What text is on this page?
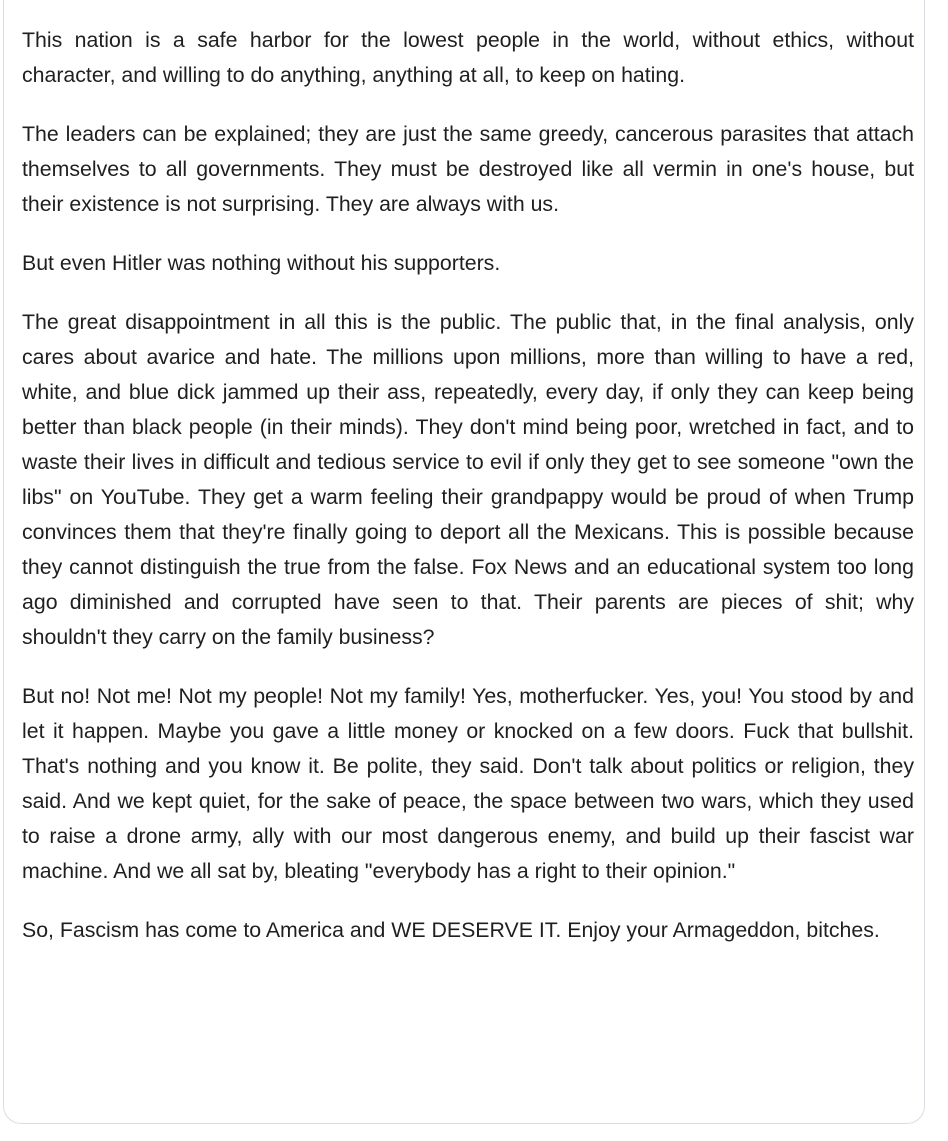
This nation is a safe harbor for the lowest people in the world, without ethics, without character, and willing to do anything, anything at all, to keep on hating.

The leaders can be explained; they are just the same greedy, cancerous parasites that attach themselves to all governments. They must be destroyed like all vermin in one's house, but their existence is not surprising. They are always with us.

But even Hitler was nothing without his supporters.

The great disappointment in all this is the public. The public that, in the final analysis, only cares about avarice and hate. The millions upon millions, more than willing to have a red, white, and blue dick jammed up their ass, repeatedly, every day, if only they can keep being better than black people (in their minds). They don't mind being poor, wretched in fact, and to waste their lives in difficult and tedious service to evil if only they get to see someone "own the libs" on YouTube. They get a warm feeling their grandpappy would be proud of when Trump convinces them that they're finally going to deport all the Mexicans. This is possible because they cannot distinguish the true from the false. Fox News and an educational system too long ago diminished and corrupted have seen to that. Their parents are pieces of shit; why shouldn't they carry on the family business?

But no! Not me! Not my people! Not my family! Yes, motherfucker. Yes, you! You stood by and let it happen. Maybe you gave a little money or knocked on a few doors. Fuck that bullshit. That's nothing and you know it. Be polite, they said. Don't talk about politics or religion, they said. And we kept quiet, for the sake of peace, the space between two wars, which they used to raise a drone army, ally with our most dangerous enemy, and build up their fascist war machine. And we all sat by, bleating "everybody has a right to their opinion."

So, Fascism has come to America and WE DESERVE IT. Enjoy your Armageddon, bitches.
